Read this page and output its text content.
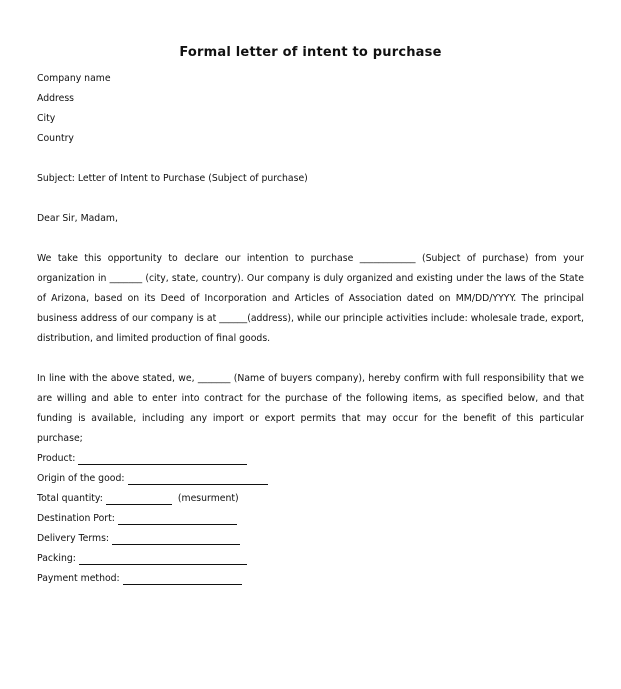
Formal letter of intent to purchase
Company name
Address
City
Country
Subject: Letter of Intent to Purchase (Subject of purchase)
Dear Sir, Madam,
We take this opportunity to declare our intention to purchase ____________ (Subject of purchase) from your organization in _______ (city, state, country). Our company is duly organized and existing under the laws of the State of Arizona, based on its Deed of Incorporation and Articles of Association dated on MM/DD/YYYY. The principal business address of our company is at ______(address), while our principle activities include: wholesale trade, export, distribution, and limited production of final goods.
In line with the above stated, we, _______ (Name of buyers company), hereby confirm with full responsibility that we are willing and able to enter into contract for the purchase of the following items, as specified below, and that funding is available, including any import or export permits that may occur for the benefit of this particular purchase;
Product:
Origin of the good:
Total quantity:	(mesurment)
Destination Port:
Delivery Terms:
Packing:
Payment method:
